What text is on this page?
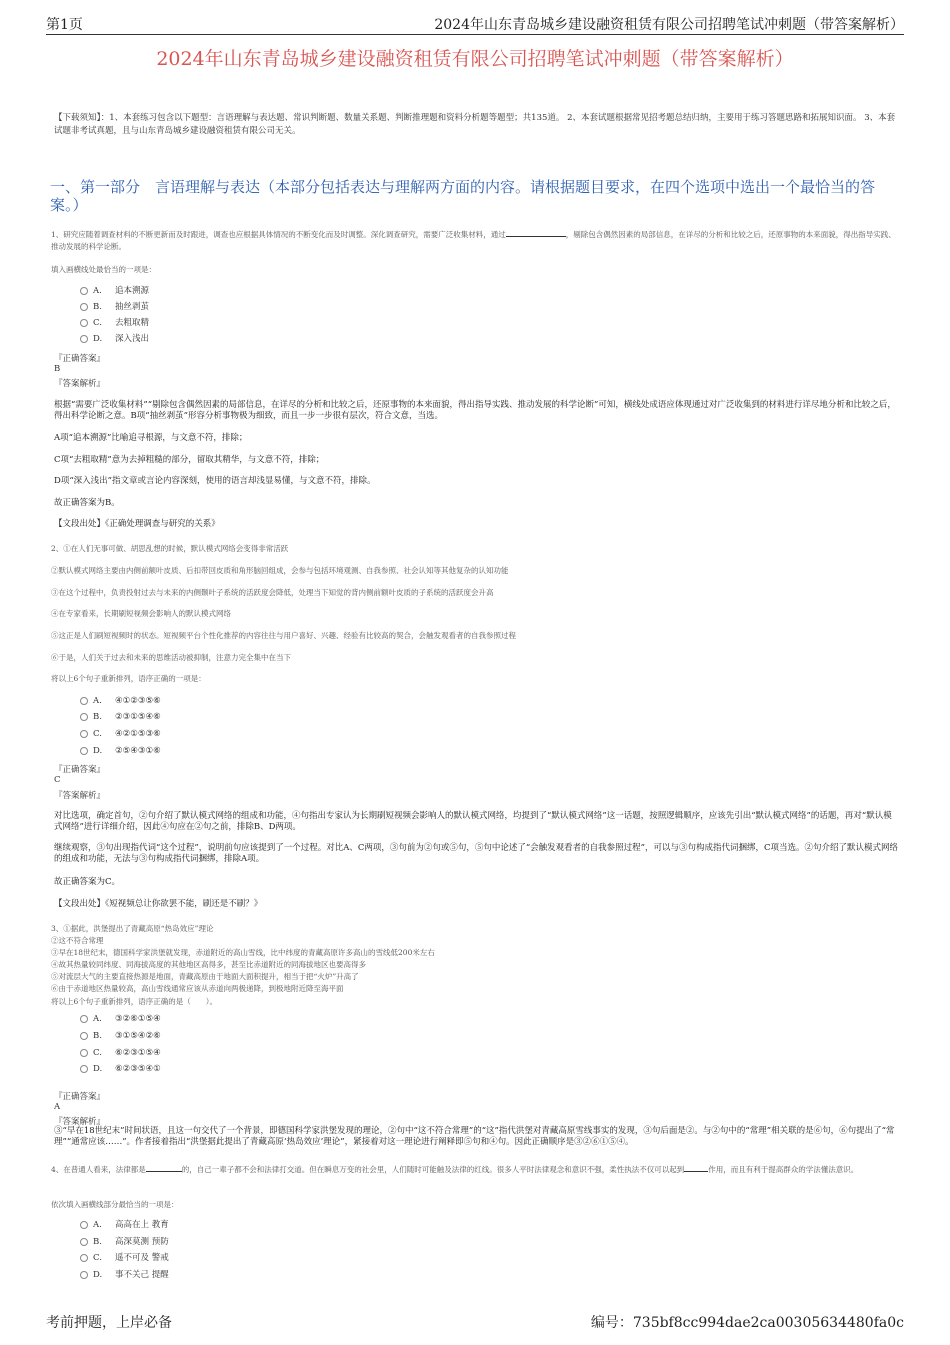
第1页	2024年山东青岛城乡建设融资租赁有限公司招聘笔试冲刺题（带答案解析）
2024年山东青岛城乡建设融资租赁有限公司招聘笔试冲刺题（带答案解析）
【下载须知】：1、本套练习包含以下题型：言语理解与表达题、常识判断题、数量关系题、判断推理题和资料分析题等题型；共135道。 2、本套试题根据常见招考题总结归纳，主要用于练习答题思路和拓展知识面。 3、本套试题非考试真题，且与山东青岛城乡建设融资租赁有限公司无关。
一、第一部分　言语理解与表达（本部分包括表达与理解两方面的内容。请根据题目要求，在四个选项中选出一个最恰当的答案。）
1、研究应随着调查材料的不断更新而及时跟进，调查也应根据具体情况的不断变化而及时调整。深化调查研究，需要广泛收集材料，通过	，剔除包含偶然因素的局部信息，在详尽的分析和比较之后，还原事物的本来面貌，得出指导实践、推动发展的科学论断。
填入画横线处最恰当的一项是：
A. 追本溯源
B. 抽丝剥茧
C. 去粗取精
D. 深入浅出
『正确答案』
B
『答案解析』
根据“需要广泛收集材料”“剔除包含偶然因素的局部信息，在详尽的分析和比较之后，还原事物的本来面貌，得出指导实践、推动发展的科学论断”可知，横线处成语应体现通过对广泛收集到的材料进行详尽地分析和比较之后，得出科学论断之意。B项“抽丝剥茧”形容分析事物极为细致，而且一步一步很有层次，符合文意，当选。
A项“追本溯源”比喻追寻根源，与文意不符，排除；
C项“去粗取精”意为去掉粗糙的部分，留取其精华，与文意不符，排除；
D项“深入浅出”指文章或言论内容深刻，使用的语言却浅显易懂，与文意不符，排除。
故正确答案为B。
【文段出处】《正确处理调查与研究的关系》
2、①在人们无事可做、胡思乱想的时候，默认模式网络会变得非常活跃
②默认模式网络主要由内侧前额叶皮质、后扣带回皮质和角形脑回组成，会参与包括环境观测、自我参照、社会认知等其他复杂的认知功能
③在这个过程中，负责投射过去与未来的内侧颞叶子系统的活跃度会降低，处理当下知觉的背内侧前额叶皮质的子系统的活跃度会升高
④在专家看来，长期刷短视频会影响人的默认模式网络
⑤这正是人们刷短视频时的状态。短视频平台个性化推荐的内容往往与用户喜好、兴趣、经验有比较高的契合，会触发观看者的自我参照过程
⑥于是，人们关于过去和未来的思维活动被抑制，注意力完全集中在当下
将以上6个句子重新排列，语序正确的一项是：
A. ④①②③⑤⑥
B. ②③①⑤④⑥
C. ④②①⑤③⑥
D. ②⑤④③①⑥
『正确答案』
C
『答案解析』
对比选项，确定首句，②句介绍了默认模式网络的组成和功能，④句指出专家认为长期刷短视频会影响人的默认模式网络，均提到了“默认模式网络”这一话题，按照逻辑顺序，应该先引出“默认模式网络”的话题，再对“默认模式网络”进行详细介绍，因此④句应在②句之前，排除B、D两项。
继续观察，③句出现指代词“这个过程”，说明前句应该提到了一个过程。对比A、C两项，③句前为②句或⑤句，⑤句中论述了“会触发观看者的自我参照过程”，可以与③句构成指代词捆绑，C项当选。②句介绍了默认模式网络的组成和功能，无法与③句构成指代词捆绑，排除A项。
故正确答案为C。
【文段出处】《短视频总让你欲罢不能，刷还是不刷？》
3、①据此，洪堡提出了青藏高原“热岛效应”理论
②这不符合常理
③早在18世纪末，德国科学家洪堡就发现，赤道附近的高山雪线，比中纬度的青藏高原许多高山的雪线低200米左右
④故其热量较同纬度、同海拔高度的其他地区高得多，甚至比赤道附近的同海拔地区也要高得多
⑤对流层大气的主要直接热源是地面，青藏高原由于地面大面积提升，相当于把“火炉”升高了
⑥由于赤道地区热量较高，高山雪线通常应该从赤道向两极递降，到极地附近降至海平面
将以上6个句子重新排列，语序正确的是（　　）。
A. ③②⑥①⑤④
B. ③①⑤④②⑥
C. ⑥②③①⑤④
D. ⑥②③⑤④①
『正确答案』
A
『答案解析』
③“早在18世纪末”时间状语，且这一句交代了一个背景，即德国科学家洪堡发现的理论，②句中“这不符合常理”的“这”指代洪堡对青藏高原雪线事实的发现，③句后面是②。与②句中的“常理”相关联的是⑥句，⑥句提出了“常理”“通常应该……”。作者接着指出“洪堡据此提出了青藏高原‘热岛效应’理论”，紧接着对这一理论进行阐释即⑤句和④句。因此正确顺序是③②⑥①⑤④。
4、在普通人看来，法律都是	的，自己一辈子都不会和法律打交道。但在瞬息万变的社会里，人们随时可能触及法律的红线。很多人平时法律观念和意识不强，柔性执法不仅可以起到	作用，而且有利于提高群众的学法懂法意识。
依次填入画横线部分最恰当的一项是：
A. 高高在上 教育
B. 高深莫测 预防
C. 遥不可及 警戒
D. 事不关己 提醒
考前押题，上岸必备	编号：735bf8cc994dae2ca00305634480fa0c
